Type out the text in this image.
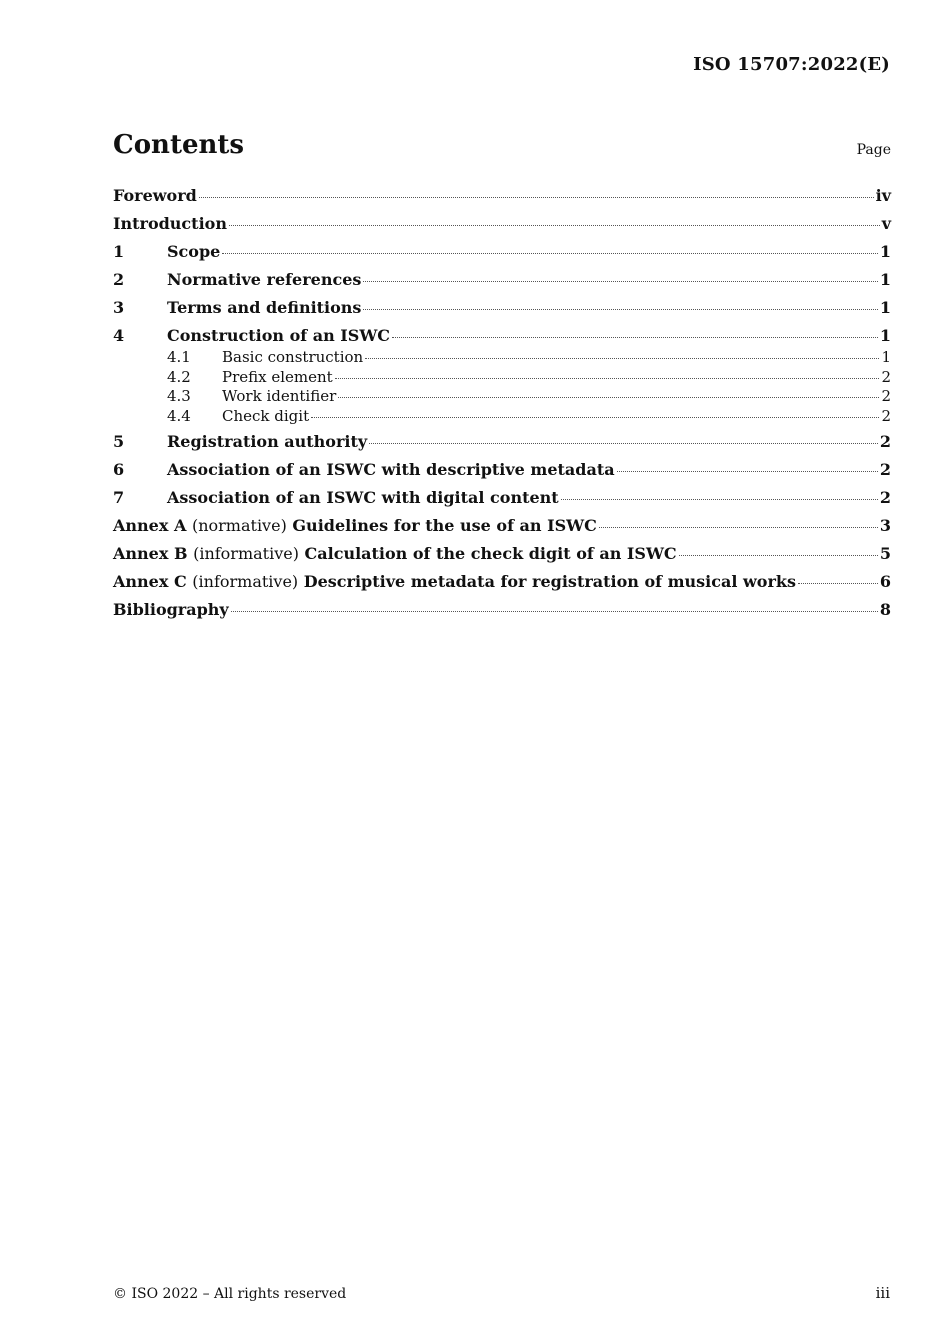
ISO 15707:2022(E)
Contents	Page
Foreword	iv
Introduction	v
1	Scope	1
2	Normative references	1
3	Terms and definitions	1
4	Construction of an ISWC	1
4.1	Basic construction	1
4.2	Prefix element	2
4.3	Work identifier	2
4.4	Check digit	2
5	Registration authority	2
6	Association of an ISWC with descriptive metadata	2
7	Association of an ISWC with digital content	2
Annex A (normative) Guidelines for the use of an ISWC	3
Annex B (informative) Calculation of the check digit of an ISWC	5
Annex C (informative) Descriptive metadata for registration of musical works	6
Bibliography	8
© ISO 2022 – All rights reserved	iii
